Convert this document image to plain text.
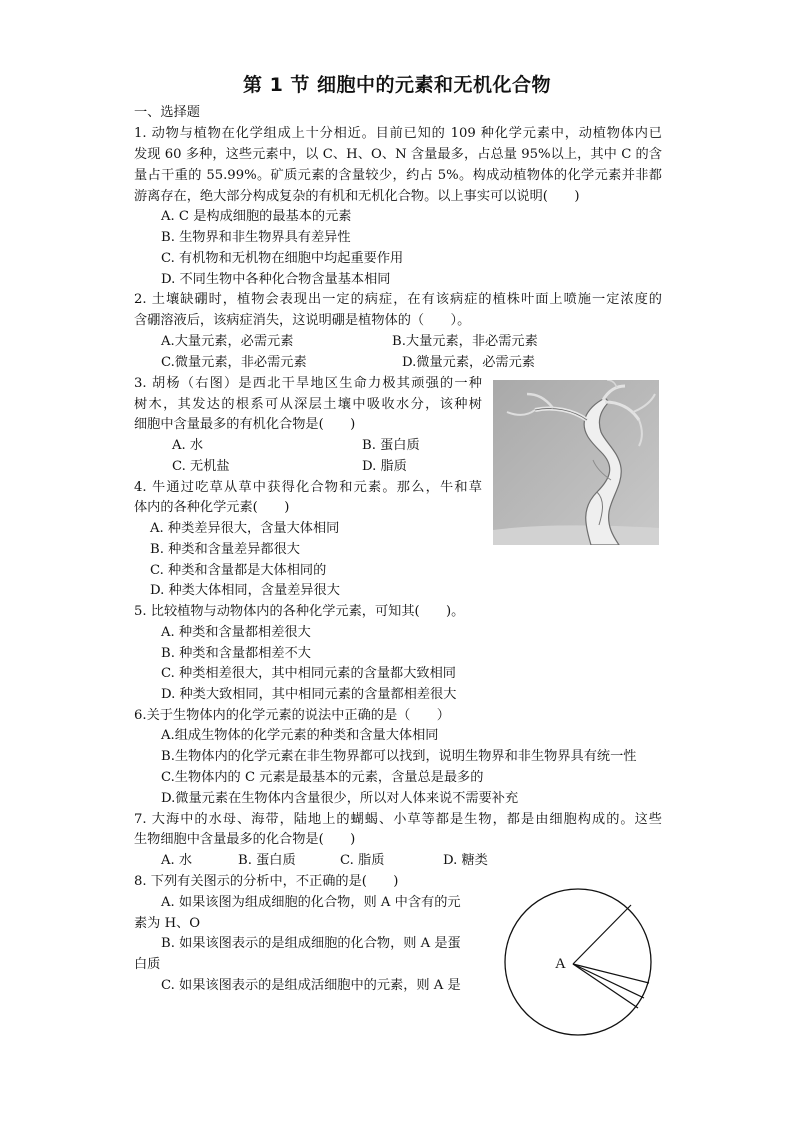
第 1 节 细胞中的元素和无机化合物
一、选择题
1. 动物与植物在化学组成上十分相近。目前已知的 109 种化学元素中，动植物体内已
发现 60 多种，这些元素中，以 C、H、O、N 含量最多，占总量 95%以上，其中 C 的含
量占干重的 55.99%。矿质元素的含量较少，约占 5%。构成动植物体的化学元素并非都
游离存在，绝大部分构成复杂的有机和无机化合物。以上事实可以说明(　　)
A. C 是构成细胞的最基本的元素
B. 生物界和非生物界具有差异性
C. 有机物和无机物在细胞中均起重要作用
D. 不同生物中各种化合物含量基本相同
2. 土壤缺硼时，植物会表现出一定的病症，在有该病症的植株叶面上喷施一定浓度的
含硼溶液后，该病症消失，这说明硼是植物体的（　　）。
A.大量元素，必需元素	B.大量元素，非必需元素
C.微量元素，非必需元素	D.微量元素，必需元素
3. 胡杨（右图）是西北干旱地区生命力极其顽强的一种
树木，其发达的根系可从深层土壤中吸收水分，该种树
细胞中含量最多的有机化合物是(　　)
A. 水	B. 蛋白质
C. 无机盐	D. 脂质
4. 牛通过吃草从草中获得化合物和元素。那么，牛和草
体内的各种化学元素(　　)
A. 种类差异很大，含量大体相同
B. 种类和含量差异都很大
C. 种类和含量都是大体相同的
D. 种类大体相同，含量差异很大
5. 比较植物与动物体内的各种化学元素，可知其(　　)。
A. 种类和含量都相差很大
B. 种类和含量都相差不大
C. 种类相差很大，其中相同元素的含量都大致相同
D. 种类大致相同，其中相同元素的含量都相差很大
6.关于生物体内的化学元素的说法中正确的是（　　）
A.组成生物体的化学元素的种类和含量大体相同
B.生物体内的化学元素在非生物界都可以找到，说明生物界和非生物界具有统一性
C.生物体内的 C 元素是最基本的元素，含量总是最多的
D.微量元素在生物体内含量很少，所以对人体来说不需要补充
7. 大海中的水母、海带，陆地上的蝴蝎、小草等都是生物，都是由细胞构成的。这些
生物细胞中含量最多的化合物是(　　)
A. 水	B. 蛋白质	C. 脂质	D. 糖类
8. 下列有关图示的分析中，不正确的是(　　)
A. 如果该图为组成细胞的化合物，则 A 中含有的元
素为 H、O
B. 如果该图表示的是组成细胞的化合物，则 A 是蛋
白质
C. 如果该图表示的是组成活细胞中的元素，则 A 是
A
